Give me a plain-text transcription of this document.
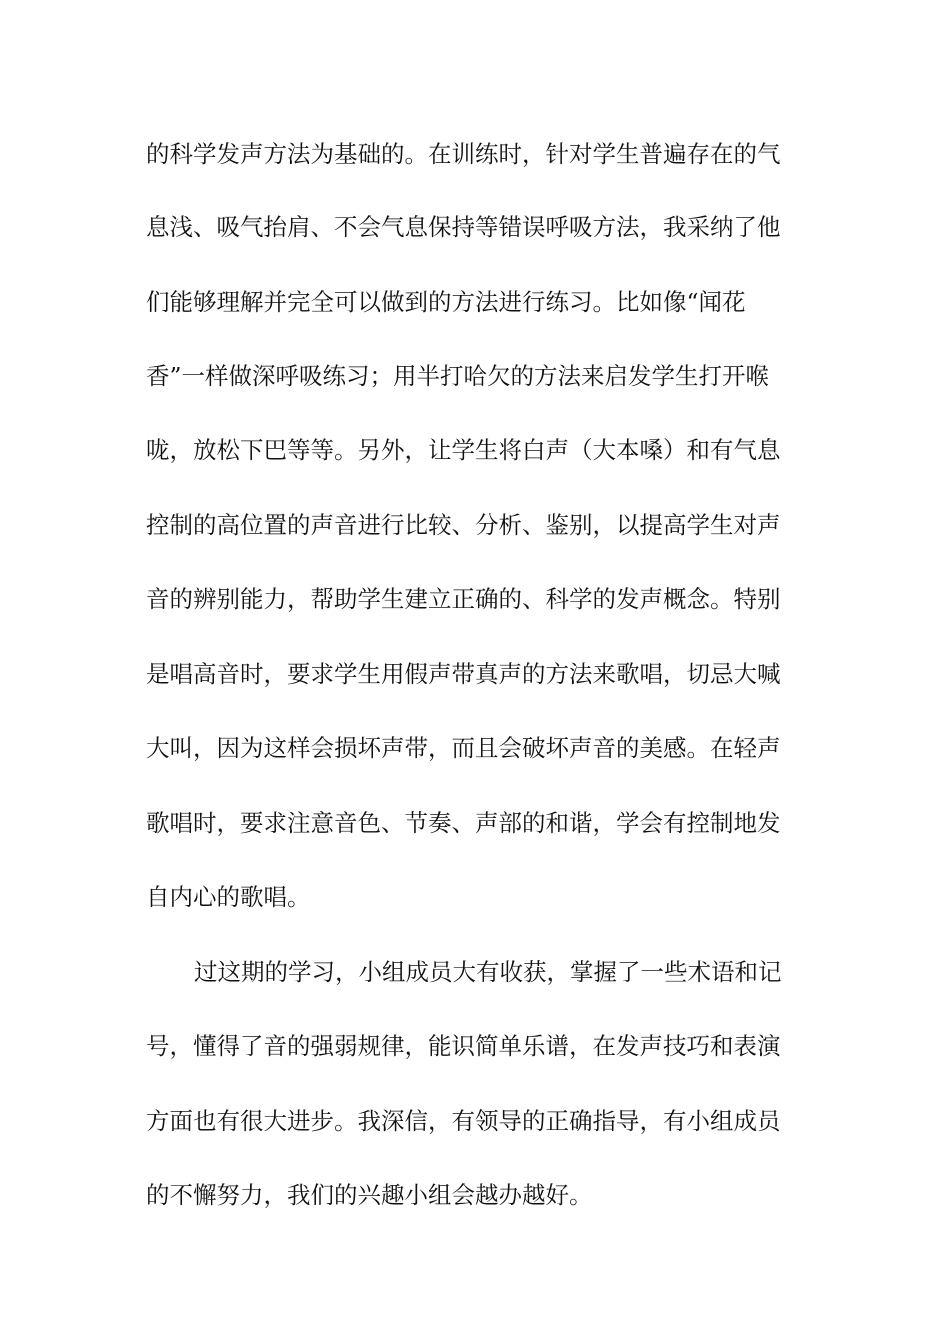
的科学发声方法为基础的。在训练时，针对学生普遍存在的气
息浅、吸气抬肩、不会气息保持等错误呼吸方法，我采纳了他
们能够理解并完全可以做到的方法进行练习。比如像“闻花
香”一样做深呼吸练习；用半打哈欠的方法来启发学生打开喉
咙，放松下巴等等。另外，让学生将白声（大本嗓）和有气息
控制的高位置的声音进行比较、分析、鉴别，以提高学生对声
音的辨别能力，帮助学生建立正确的、科学的发声概念。特别
是唱高音时，要求学生用假声带真声的方法来歌唱，切忌大喊
大叫，因为这样会损坏声带，而且会破坏声音的美感。在轻声
歌唱时，要求注意音色、节奏、声部的和谐，学会有控制地发
自内心的歌唱。
过这期的学习，小组成员大有收获，掌握了一些术语和记
号，懂得了音的强弱规律，能识简单乐谱，在发声技巧和表演
方面也有很大进步。我深信，有领导的正确指导，有小组成员
的不懈努力，我们的兴趣小组会越办越好。
